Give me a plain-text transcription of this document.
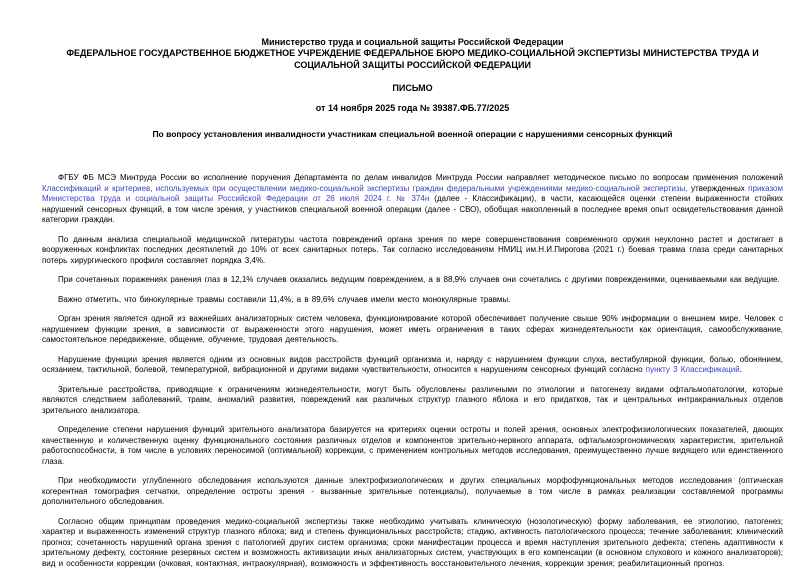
Министерство труда и социальной защиты Российской Федерации
ФЕДЕРАЛЬНОЕ ГОСУДАРСТВЕННОЕ БЮДЖЕТНОЕ УЧРЕЖДЕНИЕ ФЕДЕРАЛЬНОЕ БЮРО МЕДИКО-СОЦИАЛЬНОЙ ЭКСПЕРТИЗЫ МИНИСТЕРСТВА ТРУДА И СОЦИАЛЬНОЙ ЗАЩИТЫ РОССИЙСКОЙ ФЕДЕРАЦИИ
ПИСЬМО
от 14 ноября 2025 года № 39387.ФБ.77/2025
По вопросу установления инвалидности участникам специальной военной операции с нарушениями сенсорных функций

ФГБУ ФБ МСЭ Минтруда России во исполнение поручения Департамента по делам инвалидов Минтруда России направляет методическое письмо по вопросам применения положений Классификаций и критериев, используемых при осуществлении медико-социальной экспертизы граждан федеральными учреждениями медико-социальной экспертизы, утвержденных приказом Министерства труда и социальной защиты Российской Федерации от 26 июля 2024 г. № 374н (далее - Классификации), в части, касающейся оценки степени выраженности стойких нарушений сенсорных функций, в том числе зрения, у участников специальной военной операции (далее - СВО), обобщая накопленный в последнее время опыт освидетельствования данной категории граждан.

По данным анализа специальной медицинской литературы частота повреждений органа зрения по мере совершенствования современного оружия неуклонно растет и достигает в вооруженных конфликтах последних десятилетий до 10% от всех санитарных потерь. Так согласно исследованиям НМИЦ им.Н.И.Пирогова (2021 г.) боевая травма глаза среди санитарных потерь хирургического профиля составляет порядка 3,4%.

При сочетанных поражениях ранения глаз в 12,1% случаев оказались ведущим повреждением, а в 88,9% случаев они сочетались с другими повреждениями, оцениваемыми как ведущие.

Важно отметить, что бинокулярные травмы составили 11,4%, а в 89,6% случаев имели место монокулярные травмы.

Орган зрения является одной из важнейших анализаторных систем человека, функционирование которой обеспечивает получение свыше 90% информации о внешнем мире. Человек с нарушением функции зрения, в зависимости от выраженности этого нарушения, может иметь ограничения в таких сферах жизнедеятельности как ориентация, самообслуживание, самостоятельное передвижение, общение, обучение, трудовая деятельность.

Нарушение функции зрения является одним из основных видов расстройств функций организма и, наряду с нарушением функции слуха, вестибулярной функции, болью, обонянием, осязанием, тактильной, болевой, температурной, вибрационной и другими видами чувствительности, относится к нарушениям сенсорных функций согласно пункту 3 Классификаций.

Зрительные расстройства, приводящие к ограничениям жизнедеятельности, могут быть обусловлены различными по этиологии и патогенезу видами офтальмопатологии, которые являются следствием заболеваний, травм, аномалий развития, повреждений как различных структур глазного яблока и его придатков, так и центральных интракраниальных отделов зрительного анализатора.

Определение степени нарушения функций зрительного анализатора базируется на критериях оценки остроты и полей зрения, основных электрофизиологических показателей, дающих качественную и количественную оценку функционального состояния различных отделов и компонентов зрительно-нервного аппарата, офтальмоэргономических характеристик, зрительной работоспособности, в том числе в условиях переносимой (оптимальной) коррекции, с применением контрольных методов исследования, преимущественно лучше видящего или единственного глаза.

При необходимости углубленного обследования используются данные электрофизиологических и других специальных морфофункциональных методов исследования (оптическая когерентная томография сетчатки, определение остроты зрения - вызванные зрительные потенциалы), получаемые в том числе в рамках реализации составляемой программы дополнительного обследования.

Согласно общим принципам проведения медико-социальной экспертизы также необходимо учитывать клиническую (нозологическую) форму заболевания, ее этиологию, патогенез; характер и выраженность изменений структур глазного яблока; вид и степень функциональных расстройств; стадию, активность патологического процесса; течение заболевания; клинический прогноз; сочетанность нарушений органа зрения с патологией других систем организма; сроки манифестации процесса и время наступления зрительного дефекта; степень адаптивности к зрительному дефекту, состояние резервных систем и возможность активизации иных анализаторных систем, участвующих в его компенсации (в основном слухового и кожного анализаторов); вид и особенности коррекции (очковая, контактная, интраокулярная), возможность и эффективность восстановительного лечения, коррекции зрения; реабилитационный прогноз.
